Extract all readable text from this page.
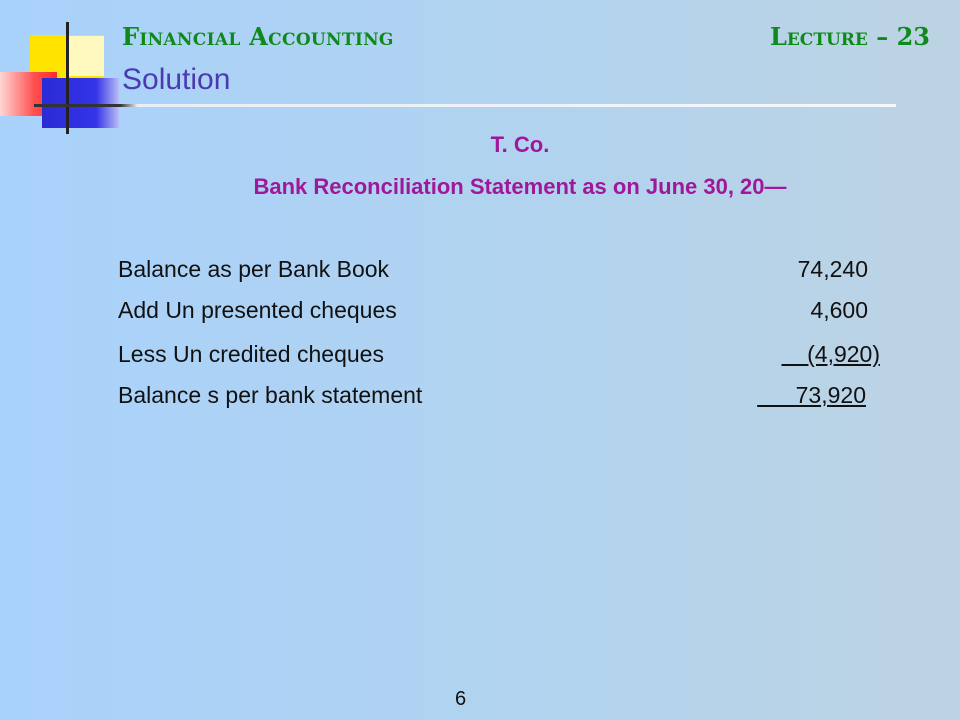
Financial Accounting	Lecture – 23
Solution
T. Co.
Bank Reconciliation Statement as on June 30, 20—
Balance as per Bank Book	74,240
Add Un presented cheques	4,600
Less Un credited cheques	(4,920)
Balance s per bank statement	73,920
6
